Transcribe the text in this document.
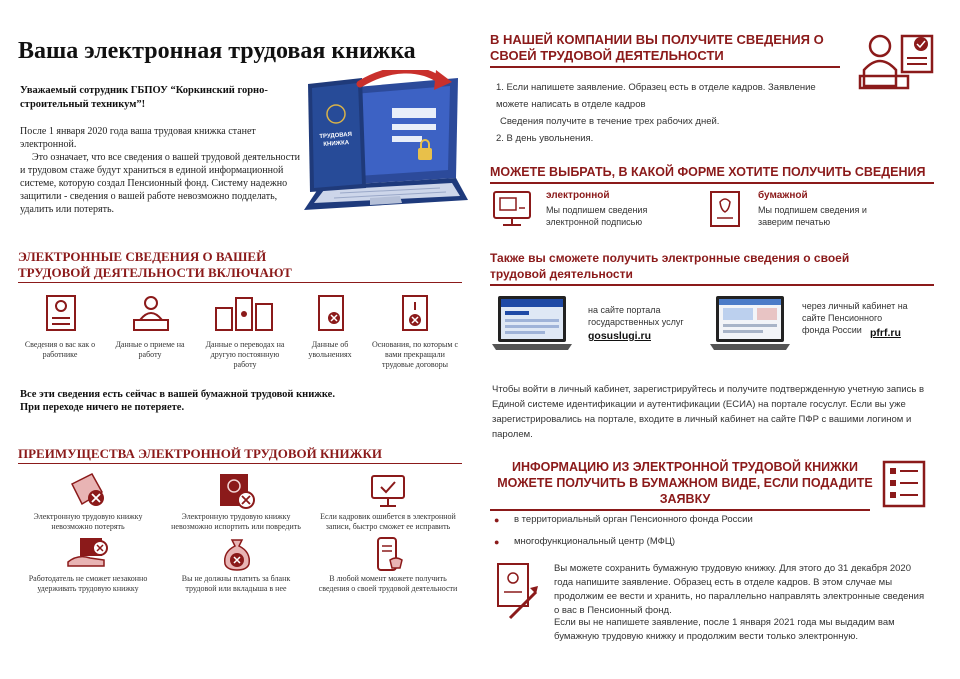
Ваша электронная трудовая книжка
Уважаемый сотрудник ГБПОУ “Коркинский горно-строительный техникум”!
После 1 января 2020 года ваша трудовая книжка станет электронной.
Это означает, что все сведения о вашей трудовой деятельности и трудовом стаже будут храниться в единой информационной системе, которую создал Пенсионный фонд. Систему надежно защитили - сведения о вашей работе невозможно подделать, удалить или потерять.
ТРУДОВАЯ КНИЖКА
ЭЛЕКТРОННЫЕ СВЕДЕНИЯ О ВАШЕЙ ТРУДОВОЙ ДЕЯТЕЛЬНОСТИ ВКЛЮЧАЮТ
Сведения о вас как о работнике
Данные о приеме на работу
Данные о переводах на другую постоянную работу
Данные об увольнениях
Основания, по которым с вами прекращали трудовые договоры
Все эти сведения есть сейчас в вашей бумажной трудовой книжке. При переходе ничего не потеряете.
ПРЕИМУЩЕСТВА ЭЛЕКТРОННОЙ ТРУДОВОЙ КНИЖКИ
Электронную трудовую книжку невозможно потерять
Электронную трудовую книжку невозможно испортить или повредить
Если кадровик ошибется в электронной записи, быстро сможет ее исправить
Работодатель не сможет незаконно удерживать трудовую книжку
Вы не должны платить за бланк трудовой или вкладыша в нее
В любой момент можете получить сведения о своей трудовой деятельности
В НАШЕЙ КОМПАНИИ ВЫ ПОЛУЧИТЕ СВЕДЕНИЯ О СВОЕЙ ТРУДОВОЙ ДЕЯТЕЛЬНОСТИ
1. Если напишете заявление. Образец есть в отделе кадров. Заявление можете написать в отделе кадров
Сведения получите в течение трех рабочих дней.
2. В день увольнения.
МОЖЕТЕ ВЫБРАТЬ, В КАКОЙ ФОРМЕ ХОТИТЕ ПОЛУЧИТЬ СВЕДЕНИЯ
электронной
Мы подпишем сведения электронной подписью
бумажной
Мы подпишем сведения и заверим печатью
Также вы сможете получить электронные сведения о своей трудовой деятельности
на сайте портала государственных услуг
gosuslugi.ru
через личный кабинет на сайте Пенсионного фонда России pfrf.ru
Чтобы войти в личный кабинет, зарегистрируйтесь и получите подтвержденную учетную запись в Единой системе идентификации и аутентификации (ЕСИА) на портале госуслуг. Если вы уже зарегистрировались на портале, входите в личный кабинет на сайте ПФР с вашими логином и паролем.
ИНФОРМАЦИЮ ИЗ ЭЛЕКТРОННОЙ ТРУДОВОЙ КНИЖКИ МОЖЕТЕ ПОЛУЧИТЬ В БУМАЖНОМ ВИДЕ, ЕСЛИ ПОДАДИТЕ ЗАЯВКУ
● в территориальный орган Пенсионного фонда России
● многофункциональный центр (МФЦ)
Вы можете сохранить бумажную трудовую книжку. Для этого до 31 декабря 2020 года напишите заявление. Образец есть в отделе кадров. В этом случае мы продолжим ее вести и хранить, но параллельно направлять электронные сведения о вас в Пенсионный фонд.
Если вы не напишете заявление, после 1 января 2021 года мы выдадим вам бумажную трудовую книжку и продолжим вести только электронную.
